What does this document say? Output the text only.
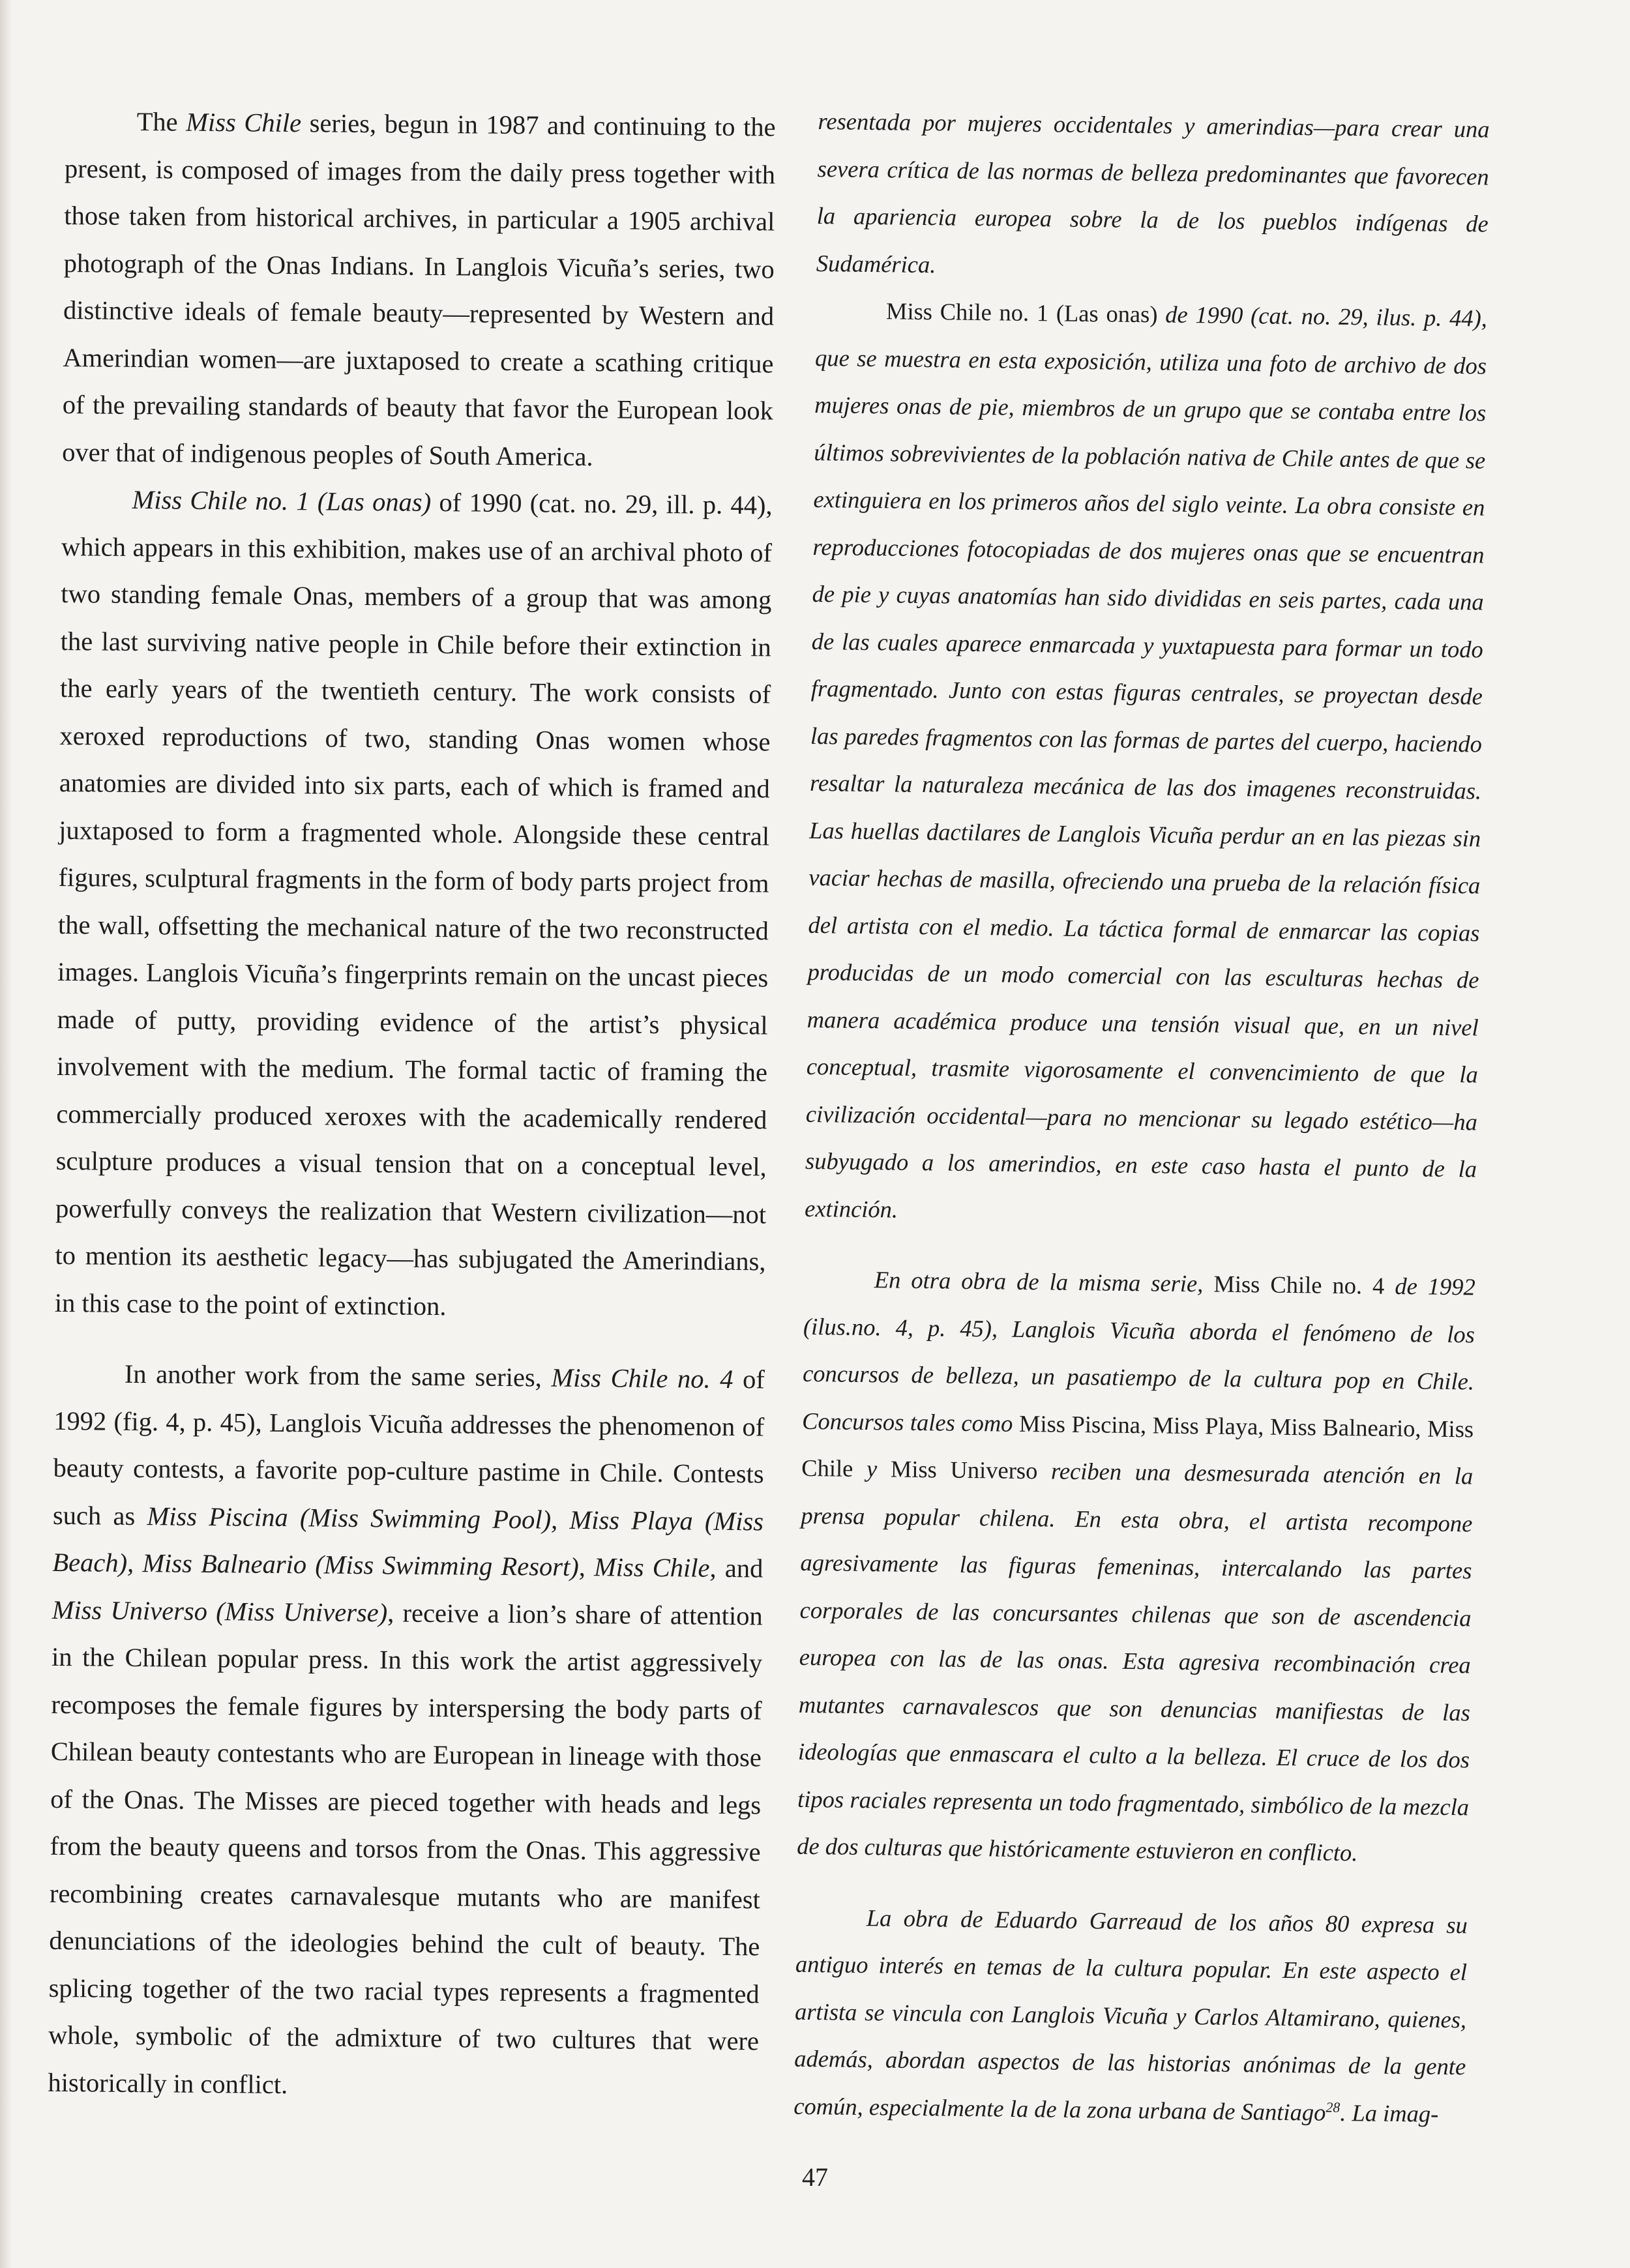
The Miss Chile series, begun in 1987 and continuing to the present, is composed of images from the daily press together with those taken from historical archives, in particular a 1905 archival photograph of the Onas Indians. In Langlois Vicuña’s series, two distinctive ideals of female beauty—represented by Western and Amerindian women—are juxtaposed to create a scathing critique of the prevailing standards of beauty that favor the European look over that of indigenous peoples of South America.

Miss Chile no. 1 (Las onas) of 1990 (cat. no. 29, ill. p. 44), which appears in this exhibition, makes use of an archival photo of two standing female Onas, members of a group that was among the last surviving native people in Chile before their extinction in the early years of the twentieth century. The work consists of xeroxed reproductions of two, standing Onas women whose anatomies are divided into six parts, each of which is framed and juxtaposed to form a fragmented whole. Alongside these central figures, sculptural fragments in the form of body parts project from the wall, offsetting the mechanical nature of the two reconstructed images. Langlois Vicuña’s fingerprints remain on the uncast pieces made of putty, providing evidence of the artist’s physical involvement with the medium. The formal tactic of framing the commercially produced xeroxes with the academically rendered sculpture produces a visual tension that on a conceptual level, powerfully conveys the realization that Western civilization—not to mention its aesthetic legacy—has subjugated the Amerindians, in this case to the point of extinction.

In another work from the same series, Miss Chile no. 4 of 1992 (fig. 4, p. 45), Langlois Vicuña addresses the phenomenon of beauty contests, a favorite pop-culture pastime in Chile. Contests such as Miss Piscina (Miss Swimming Pool), Miss Playa (Miss Beach), Miss Balneario (Miss Swimming Resort), Miss Chile, and Miss Universo (Miss Universe), receive a lion’s share of attention in the Chilean popular press. In this work the artist aggressively recomposes the female figures by interspersing the body parts of Chilean beauty contestants who are European in lineage with those of the Onas. The Misses are pieced together with heads and legs from the beauty queens and torsos from the Onas. This aggressive recombining creates carnavalesque mutants who are manifest denunciations of the ideologies behind the cult of beauty. The splicing together of the two racial types represents a fragmented whole, symbolic of the admixture of two cultures that were historically in conflict.

resentada por mujeres occidentales y amerindias—para crear una severa crítica de las normas de belleza predominantes que favorecen la apariencia europea sobre la de los pueblos indígenas de Sudamérica.

Miss Chile no. 1 (Las onas) de 1990 (cat. no. 29, ilus. p. 44), que se muestra en esta exposición, utiliza una foto de archivo de dos mujeres onas de pie, miembros de un grupo que se contaba entre los últimos sobrevivientes de la población nativa de Chile antes de que se extinguiera en los primeros años del siglo veinte. La obra consiste en reproducciones fotocopiadas de dos mujeres onas que se encuentran de pie y cuyas anatomías han sido divididas en seis partes, cada una de las cuales aparece enmarcada y yuxtapuesta para formar un todo fragmentado. Junto con estas figuras centrales, se proyectan desde las paredes fragmentos con las formas de partes del cuerpo, haciendo resaltar la naturaleza mecánica de las dos imagenes reconstruidas. Las huellas dactilares de Langlois Vicuña perdur an en las piezas sin vaciar hechas de masilla, ofreciendo una prueba de la relación física del artista con el medio. La táctica formal de enmarcar las copias producidas de un modo comercial con las esculturas hechas de manera académica produce una tensión visual que, en un nivel conceptual, trasmite vigorosamente el convencimiento de que la civilización occidental—para no mencionar su legado estético—ha subyugado a los amerindios, en este caso hasta el punto de la extinción.

En otra obra de la misma serie, Miss Chile no. 4 de 1992 (ilus.no. 4, p. 45), Langlois Vicuña aborda el fenómeno de los concursos de belleza, un pasatiempo de la cultura pop en Chile. Concursos tales como Miss Piscina, Miss Playa, Miss Balneario, Miss Chile y Miss Universo reciben una desmesurada atención en la prensa popular chilena. En esta obra, el artista recompone agresivamente las figuras femeninas, intercalando las partes corporales de las concursantes chilenas que son de ascendencia europea con las de las onas. Esta agresiva recombinación crea mutantes carnavalescos que son denuncias manifiestas de las ideologías que enmascara el culto a la belleza. El cruce de los dos tipos raciales representa un todo fragmentado, simbólico de la mezcla de dos culturas que históricamente estuvieron en conflicto.

La obra de Eduardo Garreaud de los años 80 expresa su antiguo interés en temas de la cultura popular. En este aspecto el artista se vincula con Langlois Vicuña y Carlos Altamirano, quienes, además, abordan aspectos de las historias anónimas de la gente común, especialmente la de la zona urbana de Santiago$^{28}$. La imag-

47
